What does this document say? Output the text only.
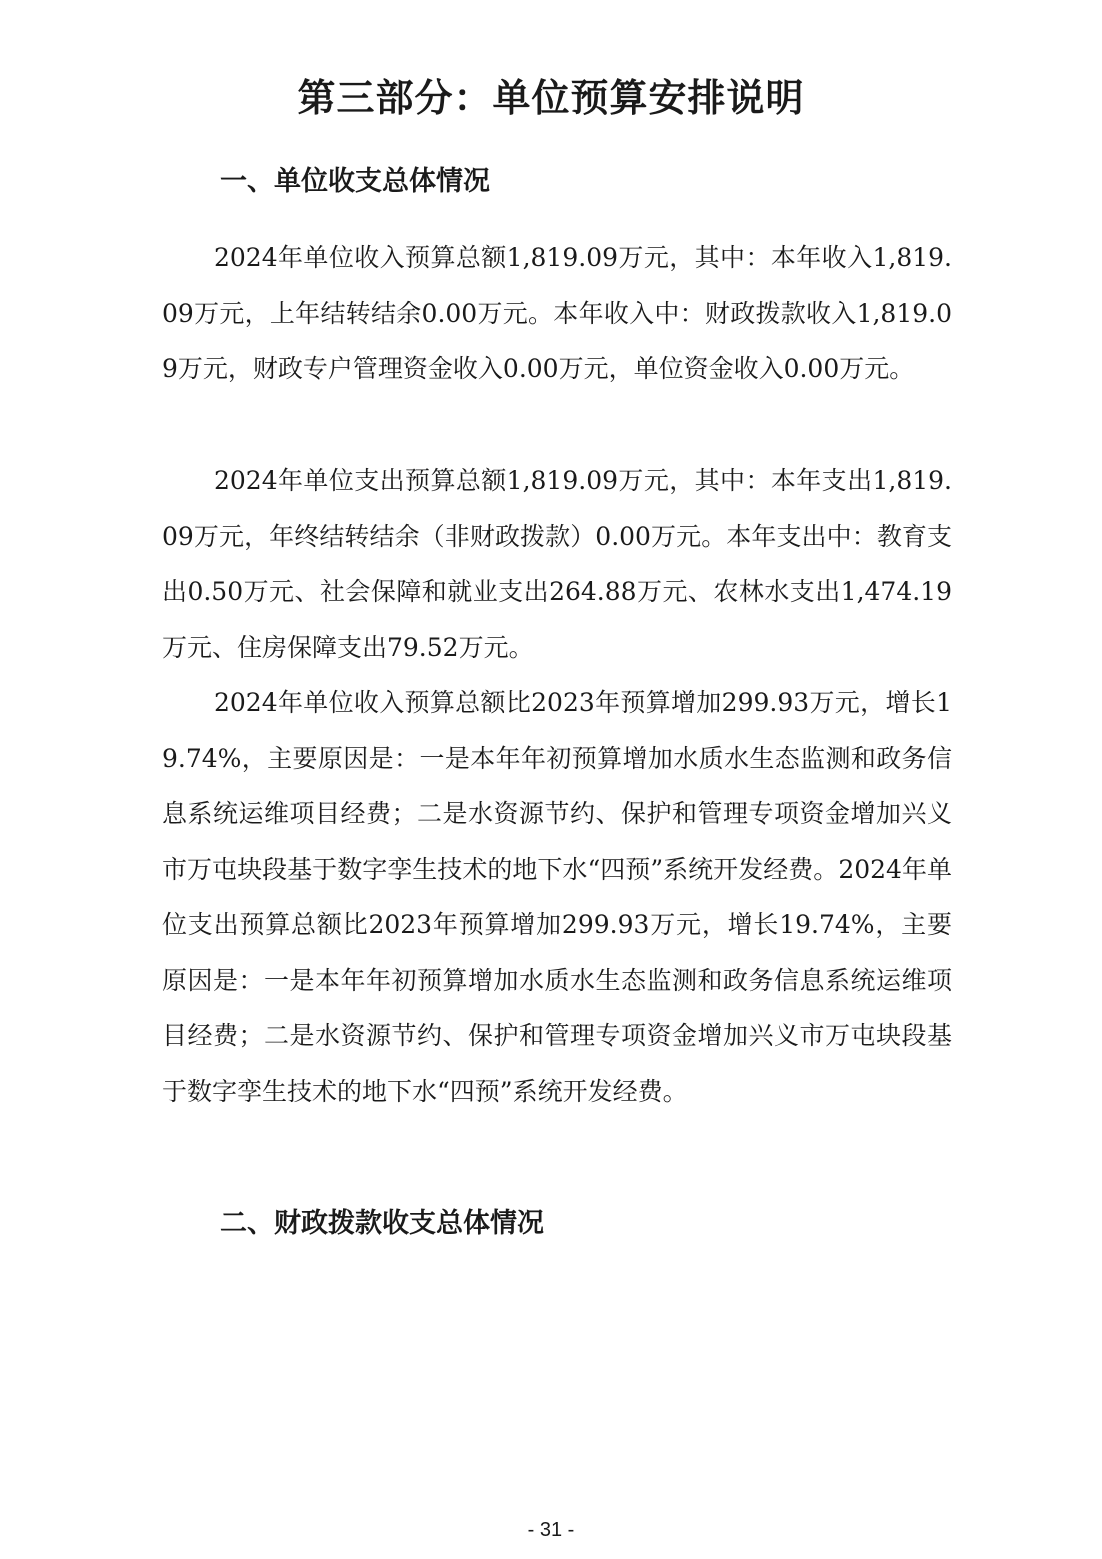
第三部分：单位预算安排说明
一、单位收支总体情况

2024年单位收入预算总额1,819.09万元，其中：本年收入1,819.09万元，上年结转结余0.00万元。本年收入中：财政拨款收入1,819.09万元，财政专户管理资金收入0.00万元，单位资金收入0.00万元。

2024年单位支出预算总额1,819.09万元，其中：本年支出1,819.09万元，年终结转结余（非财政拨款）0.00万元。本年支出中：教育支出0.50万元、社会保障和就业支出264.88万元、农林水支出1,474.19万元、住房保障支出79.52万元。

2024年单位收入预算总额比2023年预算增加299.93万元，增长19.74%，主要原因是：一是本年年初预算增加水质水生态监测和政务信息系统运维项目经费；二是水资源节约、保护和管理专项资金增加兴义市万屯块段基于数字孪生技术的地下水“四预”系统开发经费。2024年单位支出预算总额比2023年预算增加299.93万元，增长19.74%，主要原因是：一是本年年初预算增加水质水生态监测和政务信息系统运维项目经费；二是水资源节约、保护和管理专项资金增加兴义市万屯块段基于数字孪生技术的地下水“四预”系统开发经费。

二、财政拨款收支总体情况
- 31 -
